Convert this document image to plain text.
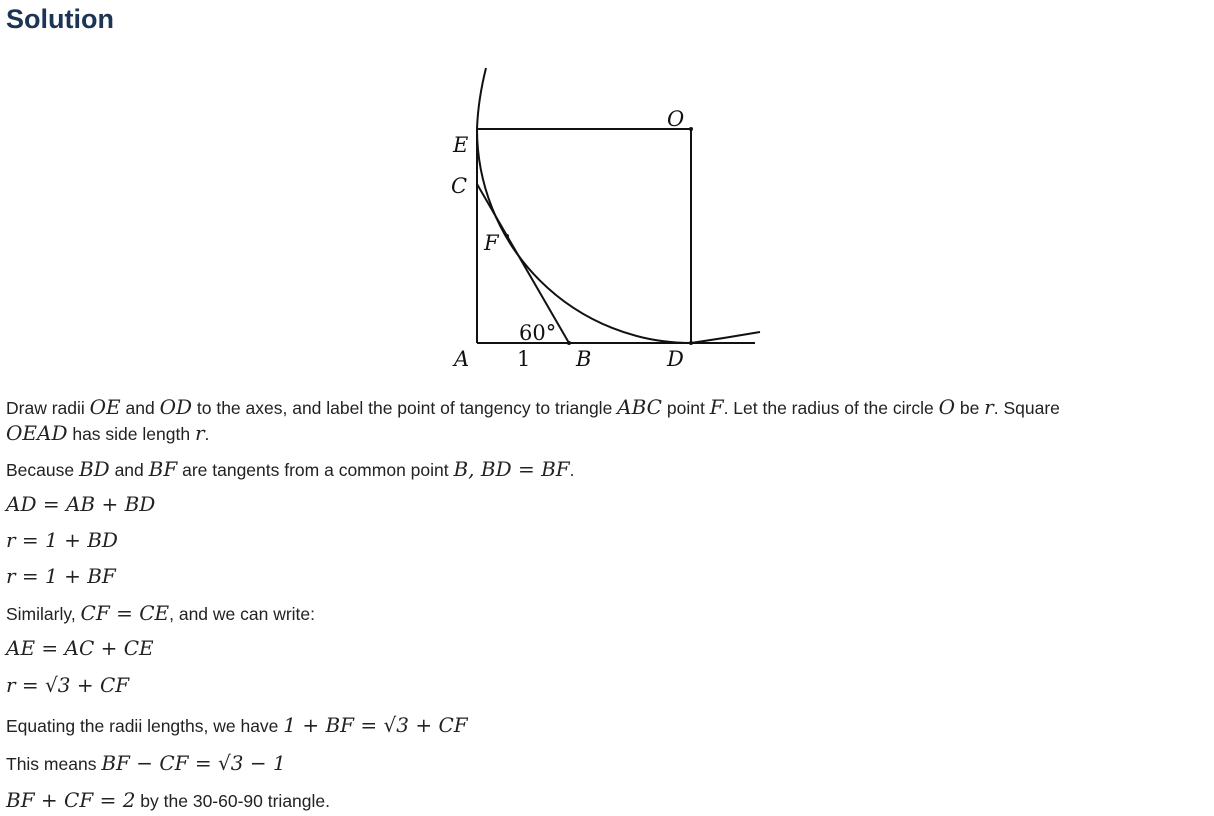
Solution
O
E
C
F
60°
A 1 B	D
Draw radii OE and OD to the axes, and label the point of tangency to triangle ABC point F. Let the radius of the circle O be r. Square
OEAD has side length r.
Because BD and BF are tangents from a common point B, BD = BF.
AD = AB + BD
r = 1 + BD
r = 1 + BF
Similarly, CF = CE, and we can write:
AE = AC + CE
r = √3 + CF
Equating the radii lengths, we have 1 + BF = √3 + CF
This means BF − CF = √3 − 1
BF + CF = 2 by the 30-60-90 triangle.
